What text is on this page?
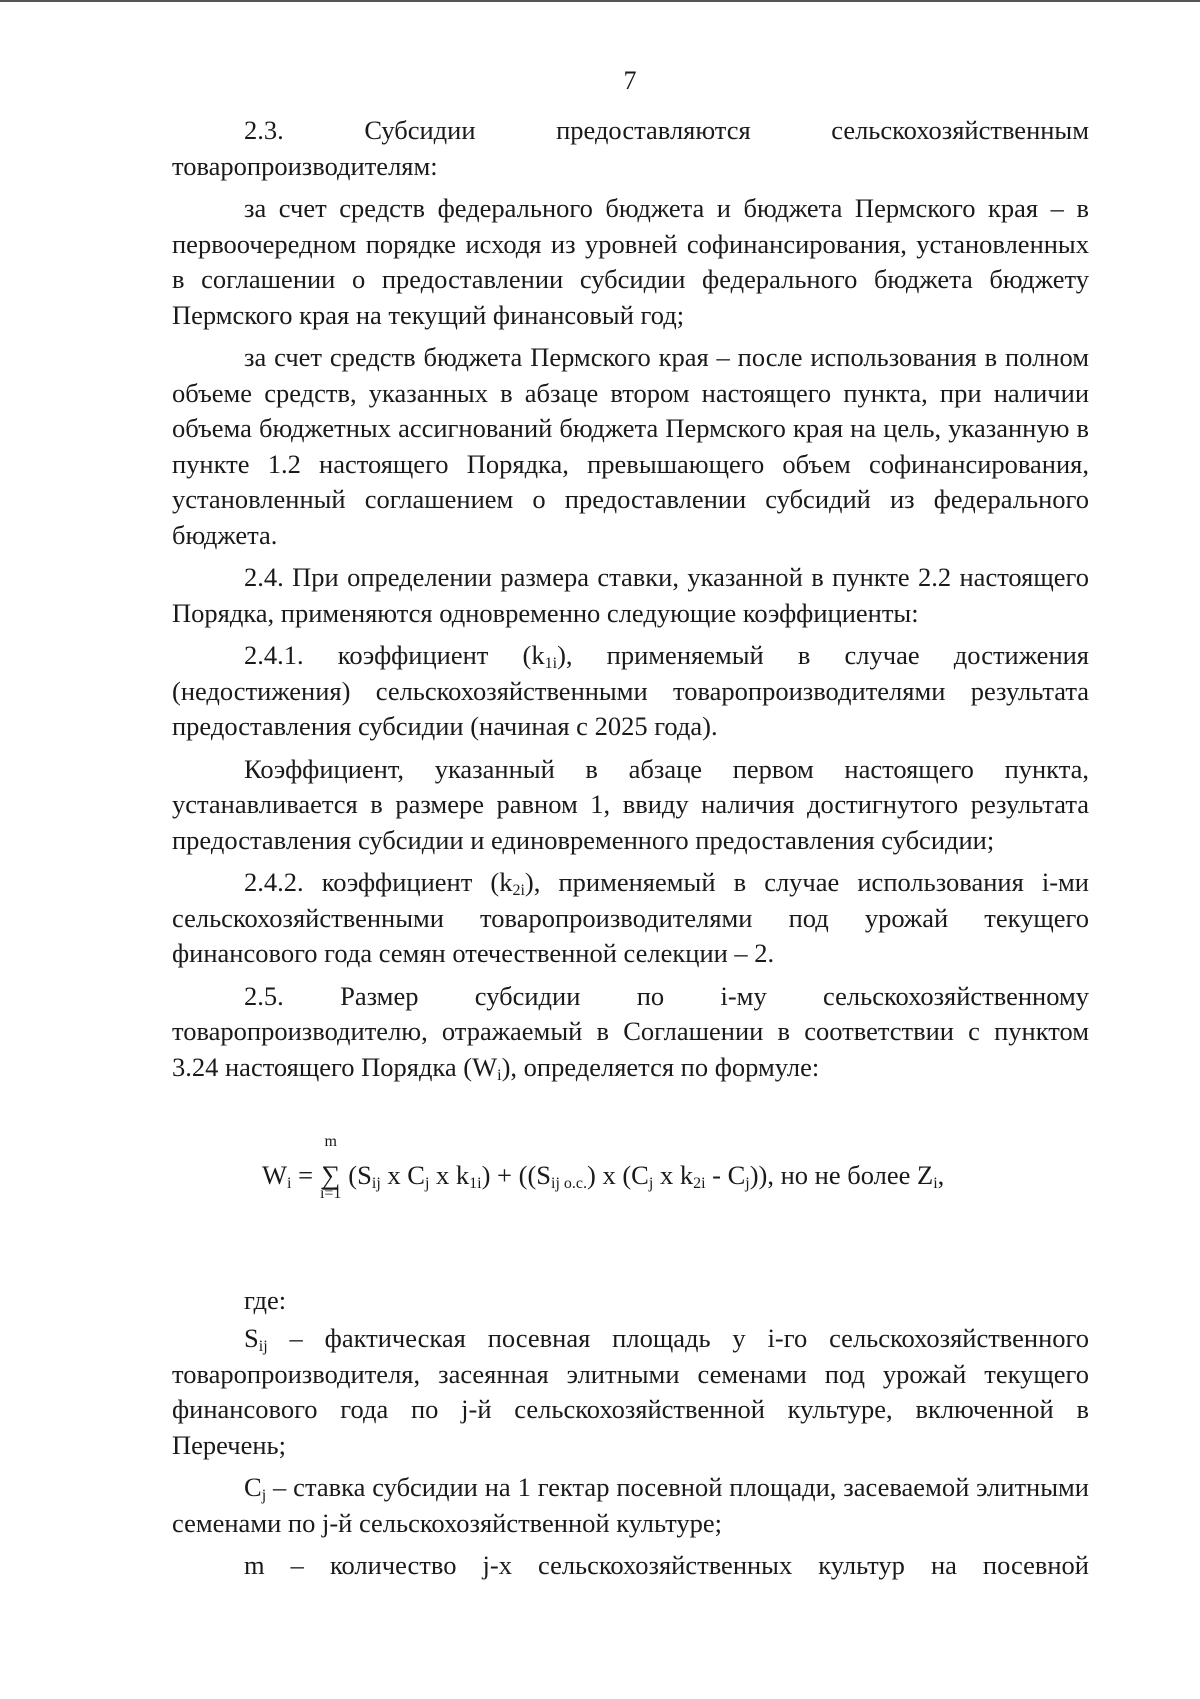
7

2.3.	Субсидии	предоставляются	сельскохозяйственным

товаропроизводителям:

за счет средств федерального бюджета и бюджета Пермского края – в первоочередном порядке исходя из уровней софинансирования, установленных в соглашении о предоставлении субсидии федерального бюджета бюджету Пермского края на текущий финансовый год;

за счет средств бюджета Пермского края – после использования в полном объеме средств, указанных в абзаце втором настоящего пункта, при наличии объема бюджетных ассигнований бюджета Пермского края на цель, указанную в пункте 1.2 настоящего Порядка, превышающего объем софинансирования, установленный соглашением о предоставлении субсидий из федерального бюджета.

2.4. При определении размера ставки, указанной в пункте 2.2 настоящего Порядка, применяются одновременно следующие коэффициенты:

2.4.1. коэффициент $(k_{1i})$, применяемый в случае достижения (недостижения) сельскохозяйственными товаропроизводителями результата предоставления субсидии (начиная с 2025 года).

Коэффициент, указанный в абзаце первом настоящего пункта, устанавливается в размере равном 1, ввиду наличия достигнутого результата предоставления субсидии и единовременного предоставления субсидии;

2.4.2. коэффициент $(k_{2i})$, применяемый в случае использования i-ми сельскохозяйственными товаропроизводителями под урожай текущего финансового года семян отечественной селекции – 2.

2.5. Размер субсидии по i-му сельскохозяйственному товаропроизводителю, отражаемый в Соглашении в соответствии с пунктом 3.24 настоящего Порядка $(W_i)$, определяется по формуле:

$W_i$ =
m
∑
i=1
($S_{ij}$ x $C_j$ x $k_{1i}) + ((S_{ij o.c.})$ x ($C_j$ x $k_{2i} - C_j$)), но не более $Z_i$,
где:

$S_{ij}$ – фактическая посевная площадь у i-го сельскохозяйственного товаропроизводителя, засеянная элитными семенами под урожай текущего финансового года по j-й сельскохозяйственной культуре, включенной в Перечень;

$C_j$ – ставка субсидии на 1 гектар посевной площади, засеваемой элитными семенами по j-й сельскохозяйственной культуре;

m – количество j-х сельскохозяйственных культур на посевной
